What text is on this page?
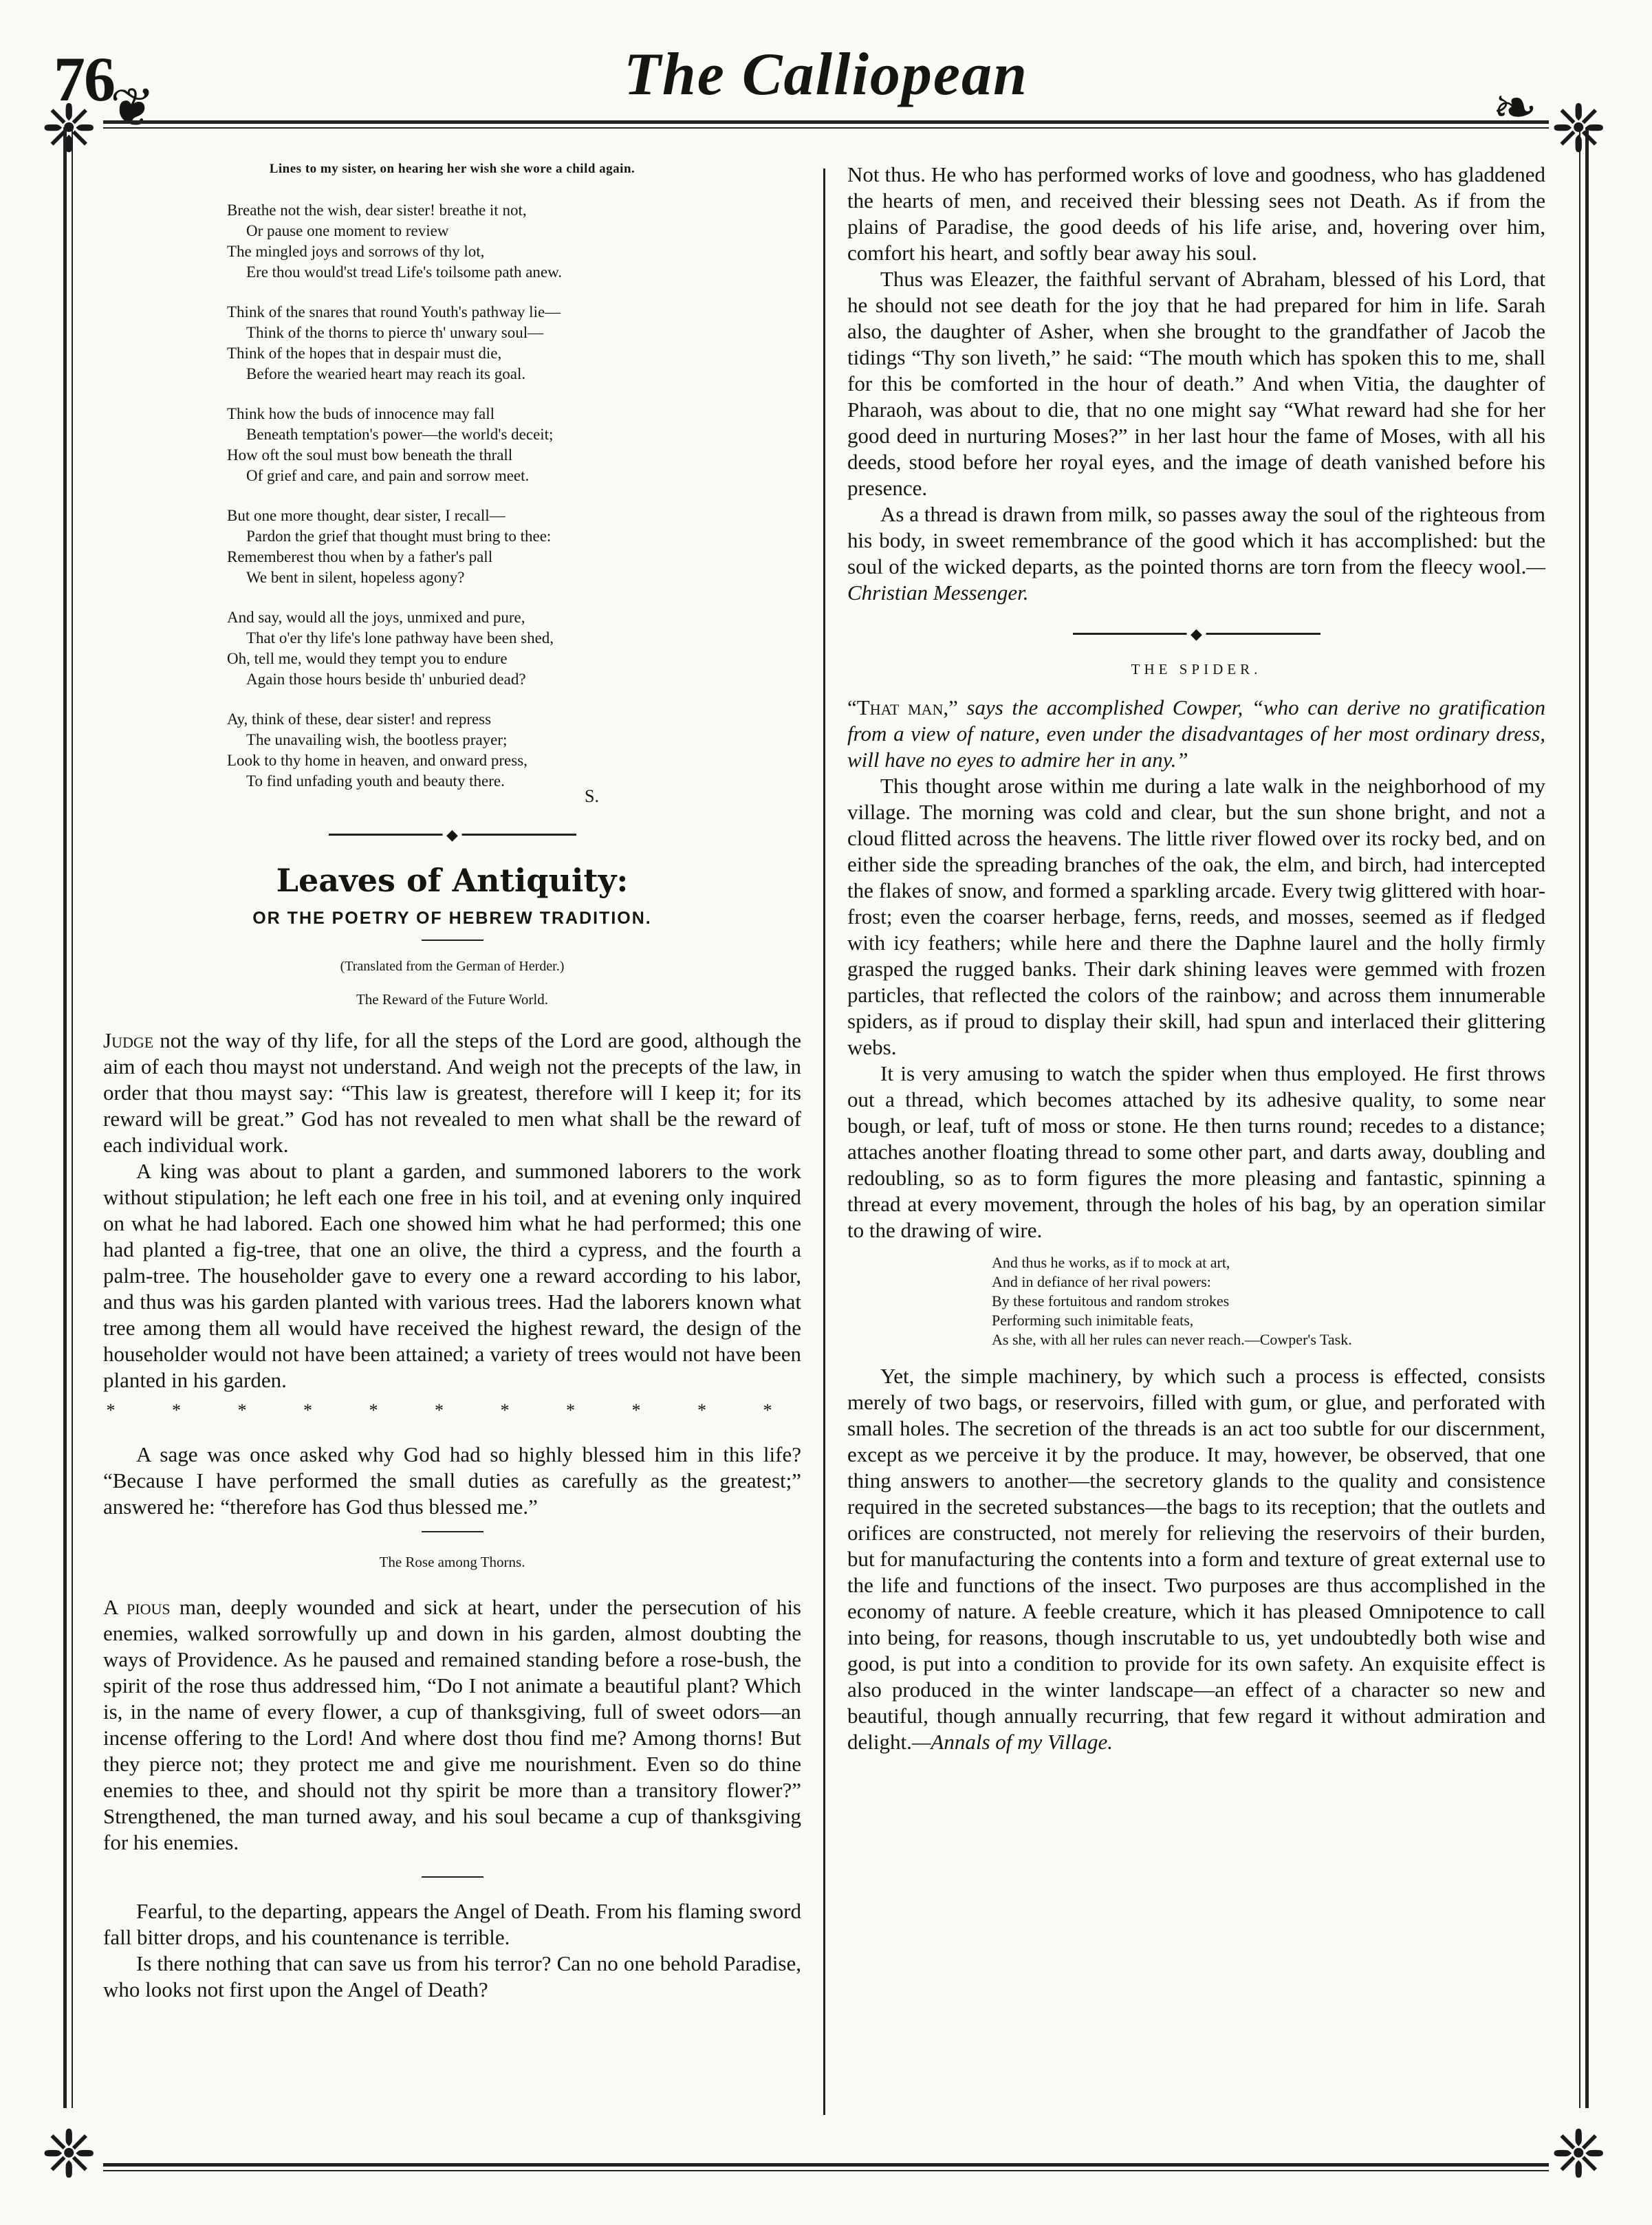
76	The Calliopean
❦	❧
❈	❈
❈	❈
Lines to my sister, on hearing her wish she wore a child again.
Breathe not the wish, dear sister! breathe it not,
Or pause one moment to review
The mingled joys and sorrows of thy lot,
Ere thou would'st tread Life's toilsome path anew.
Think of the snares that round Youth's pathway lie—
Think of the thorns to pierce th' unwary soul—
Think of the hopes that in despair must die,
Before the wearied heart may reach its goal.
Think how the buds of innocence may fall
Beneath temptation's power—the world's deceit;
How oft the soul must bow beneath the thrall
Of grief and care, and pain and sorrow meet.
But one more thought, dear sister, I recall—
Pardon the grief that thought must bring to thee:
Rememberest thou when by a father's pall
We bent in silent, hopeless agony?
And say, would all the joys, unmixed and pure,
That o'er thy life's lone pathway have been shed,
Oh, tell me, would they tempt you to endure
Again those hours beside th' unburied dead?
Ay, think of these, dear sister! and repress
The unavailing wish, the bootless prayer;
Look to thy home in heaven, and onward press,
To find unfading youth and beauty there.
S.
◆
Leaves of Antiquity:
OR THE POETRY OF HEBREW TRADITION.
(Translated from the German of Herder.)
The Reward of the Future World.

Judge not the way of thy life, for all the steps of the Lord are good, although the aim of each thou mayst not understand. And weigh not the precepts of the law, in order that thou mayst say: “This law is greatest, therefore will I keep it; for its reward will be great.” God has not revealed to men what shall be the reward of each individual work.

A king was about to plant a garden, and summoned laborers to the work without stipulation; he left each one free in his toil, and at evening only inquired on what he had labored. Each one showed him what he had performed; this one had planted a fig-tree, that one an olive, the third a cypress, and the fourth a palm-tree. The householder gave to every one a reward according to his labor, and thus was his garden planted with various trees. Had the laborers known what tree among them all would have received the highest reward, the design of the householder would not have been attained; a variety of trees would not have been planted in his garden.

* * * * * * * * * * *

A sage was once asked why God had so highly blessed him in this life? “Because I have performed the small duties as carefully as the greatest;” answered he: “therefore has God thus blessed me.”

The Rose among Thorns.

A pious man, deeply wounded and sick at heart, under the persecution of his enemies, walked sorrowfully up and down in his garden, almost doubting the ways of Providence. As he paused and remained standing before a rose-bush, the spirit of the rose thus addressed him, “Do I not animate a beautiful plant? Which is, in the name of every flower, a cup of thanksgiving, full of sweet odors—an incense offering to the Lord! And where dost thou find me? Among thorns! But they pierce not; they protect me and give me nourishment. Even so do thine enemies to thee, and should not thy spirit be more than a transitory flower?” Strengthened, the man turned away, and his soul became a cup of thanksgiving for his enemies.

Fearful, to the departing, appears the Angel of Death. From his flaming sword fall bitter drops, and his countenance is terrible.

Is there nothing that can save us from his terror? Can no one behold Paradise, who looks not first upon the Angel of Death?

Not thus. He who has performed works of love and goodness, who has gladdened the hearts of men, and received their blessing sees not Death. As if from the plains of Paradise, the good deeds of his life arise, and, hovering over him, comfort his heart, and softly bear away his soul.

Thus was Eleazer, the faithful servant of Abraham, blessed of his Lord, that he should not see death for the joy that he had prepared for him in life. Sarah also, the daughter of Asher, when she brought to the grandfather of Jacob the tidings “Thy son liveth,” he said: “The mouth which has spoken this to me, shall for this be comforted in the hour of death.” And when Vitia, the daughter of Pharaoh, was about to die, that no one might say “What reward had she for her good deed in nurturing Moses?” in her last hour the fame of Moses, with all his deeds, stood before her royal eyes, and the image of death vanished before his presence.

As a thread is drawn from milk, so passes away the soul of the righteous from his body, in sweet remembrance of the good which it has accomplished: but the soul of the wicked departs, as the pointed thorns are torn from the fleecy wool.—Christian Messenger.

◆
THE SPIDER.

“That man,” says the accomplished Cowper, “who can derive no gratification from a view of nature, even under the disadvantages of her most ordinary dress, will have no eyes to admire her in any.”

This thought arose within me during a late walk in the neighborhood of my village. The morning was cold and clear, but the sun shone bright, and not a cloud flitted across the heavens. The little river flowed over its rocky bed, and on either side the spreading branches of the oak, the elm, and birch, had intercepted the flakes of snow, and formed a sparkling arcade. Every twig glittered with hoar-frost; even the coarser herbage, ferns, reeds, and mosses, seemed as if fledged with icy feathers; while here and there the Daphne laurel and the holly firmly grasped the rugged banks. Their dark shining leaves were gemmed with frozen particles, that reflected the colors of the rainbow; and across them innumerable spiders, as if proud to display their skill, had spun and interlaced their glittering webs.

It is very amusing to watch the spider when thus employed. He first throws out a thread, which becomes attached by its adhesive quality, to some near bough, or leaf, tuft of moss or stone. He then turns round; recedes to a distance; attaches another floating thread to some other part, and darts away, doubling and redoubling, so as to form figures the more pleasing and fantastic, spinning a thread at every movement, through the holes of his bag, by an operation similar to the drawing of wire.

And thus he works, as if to mock at art,
And in defiance of her rival powers:
By these fortuitous and random strokes
Performing such inimitable feats,
As she, with all her rules can never reach.—Cowper's Task.

Yet, the simple machinery, by which such a process is effected, consists merely of two bags, or reservoirs, filled with gum, or glue, and perforated with small holes. The secretion of the threads is an act too subtle for our discernment, except as we perceive it by the produce. It may, however, be observed, that one thing answers to another—the secretory glands to the quality and consistence required in the secreted substances—the bags to its reception; that the outlets and orifices are constructed, not merely for relieving the reservoirs of their burden, but for manufacturing the contents into a form and texture of great external use to the life and functions of the insect. Two purposes are thus accomplished in the economy of nature. A feeble creature, which it has pleased Omnipotence to call into being, for reasons, though inscrutable to us, yet undoubtedly both wise and good, is put into a condition to provide for its own safety. An exquisite effect is also produced in the winter landscape—an effect of a character so new and beautiful, though annually recurring, that few regard it without admiration and delight.—Annals of my Village.
